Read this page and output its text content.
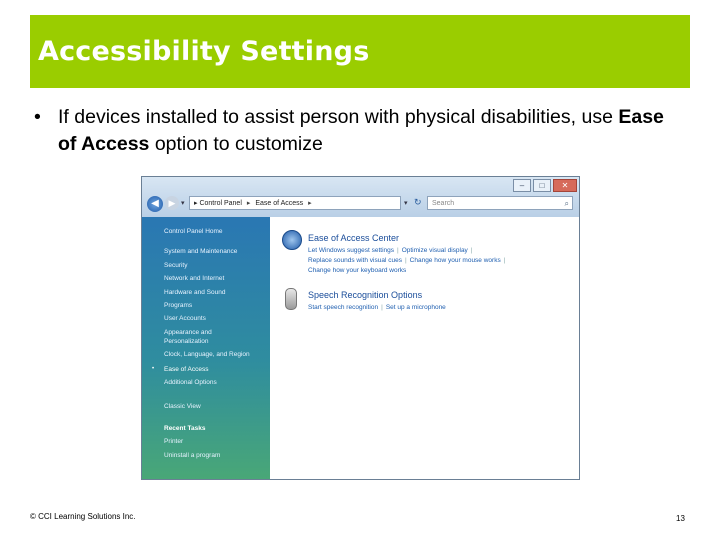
Accessibility Settings
• If devices installed to assist person with physical disabilities, use Ease of Access option to customize
–	□	✕
◀	▶ ▾	▸ Control Panel ▸ Ease of Access ▸	▾ ↻	Search	⌕
Control Panel Home
System and Maintenance
Security
Network and Internet
Hardware and Sound
Programs
User Accounts
Appearance and
Personalization
Clock, Language, and Region
• Ease of Access
Additional Options
Classic View
Recent Tasks
Printer
Uninstall a program
Ease of Access Center
Let Windows suggest settings | Optimize visual display |
Replace sounds with visual cues | Change how your mouse works |
Change how your keyboard works
Speech Recognition Options
Start speech recognition | Set up a microphone
© CCI Learning Solutions Inc.	13
